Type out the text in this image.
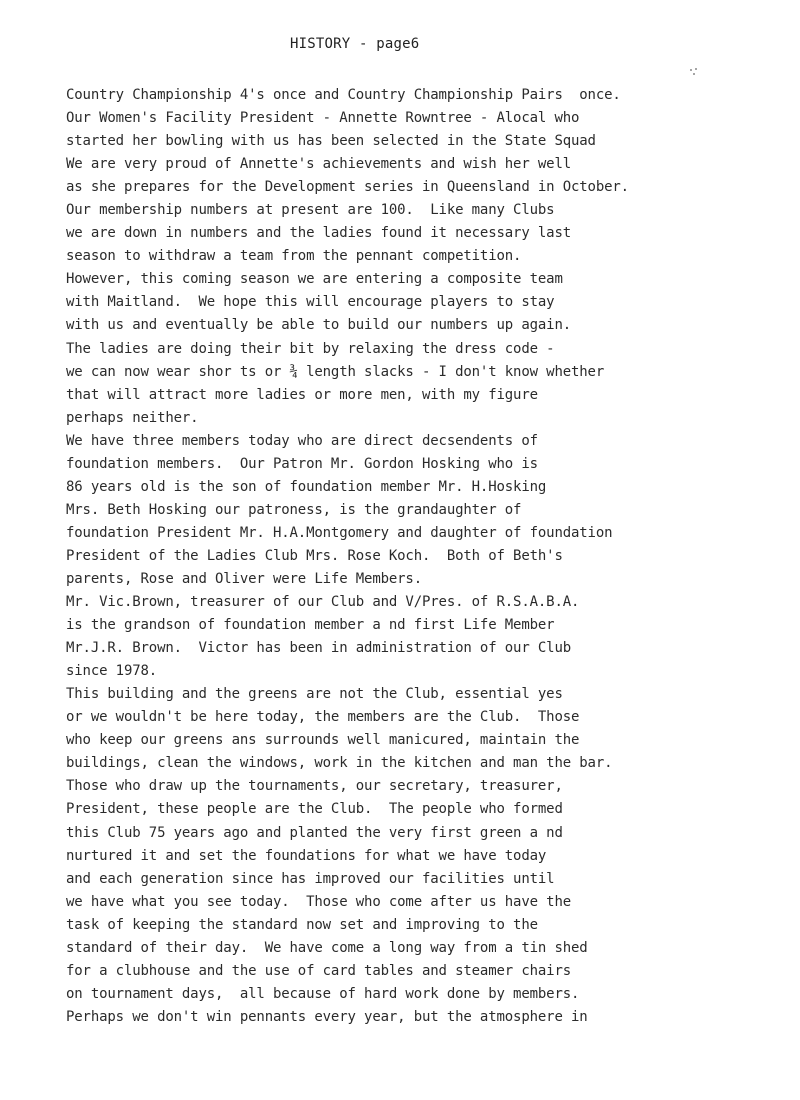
HISTORY - page6
Country Championship 4's once and Country Championship Pairs  once.
Our Women's Facility President - Annette Rowntree - Alocal who
started her bowling with us has been selected in the State Squad
We are very proud of Annette's achievements and wish her well
as she prepares for the Development series in Queensland in October.
Our membership numbers at present are 100.  Like many Clubs
we are down in numbers and the ladies found it necessary last
season to withdraw a team from the pennant competition.
However, this coming season we are entering a composite team
with Maitland.  We hope this will encourage players to stay
with us and eventually be able to build our numbers up again.
The ladies are doing their bit by relaxing the dress code -
we can now wear shor ts or ¾ length slacks - I don't know whether
that will attract more ladies or more men, with my figure
perhaps neither.
We have three members today who are direct decsendents of
foundation members.  Our Patron Mr. Gordon Hosking who is
86 years old is the son of foundation member Mr. H.Hosking
Mrs. Beth Hosking our patroness, is the grandaughter of
foundation President Mr. H.A.Montgomery and daughter of foundation
President of the Ladies Club Mrs. Rose Koch.  Both of Beth's
parents, Rose and Oliver were Life Members.
Mr. Vic.Brown, treasurer of our Club and V/Pres. of R.S.A.B.A.
is the grandson of foundation member a nd first Life Member
Mr.J.R. Brown.  Victor has been in administration of our Club
since 1978.
This building and the greens are not the Club, essential yes
or we wouldn't be here today, the members are the Club.  Those
who keep our greens ans surrounds well manicured, maintain the
buildings, clean the windows, work in the kitchen and man the bar.
Those who draw up the tournaments, our secretary, treasurer,
President, these people are the Club.  The people who formed
this Club 75 years ago and planted the very first green a nd
nurtured it and set the foundations for what we have today
and each generation since has improved our facilities until
we have what you see today.  Those who come after us have the
task of keeping the standard now set and improving to the
standard of their day.  We have come a long way from a tin shed
for a clubhouse and the use of card tables and steamer chairs
on tournament days,  all because of hard work done by members.
Perhaps we don't win pennants every year, but the atmosphere in
